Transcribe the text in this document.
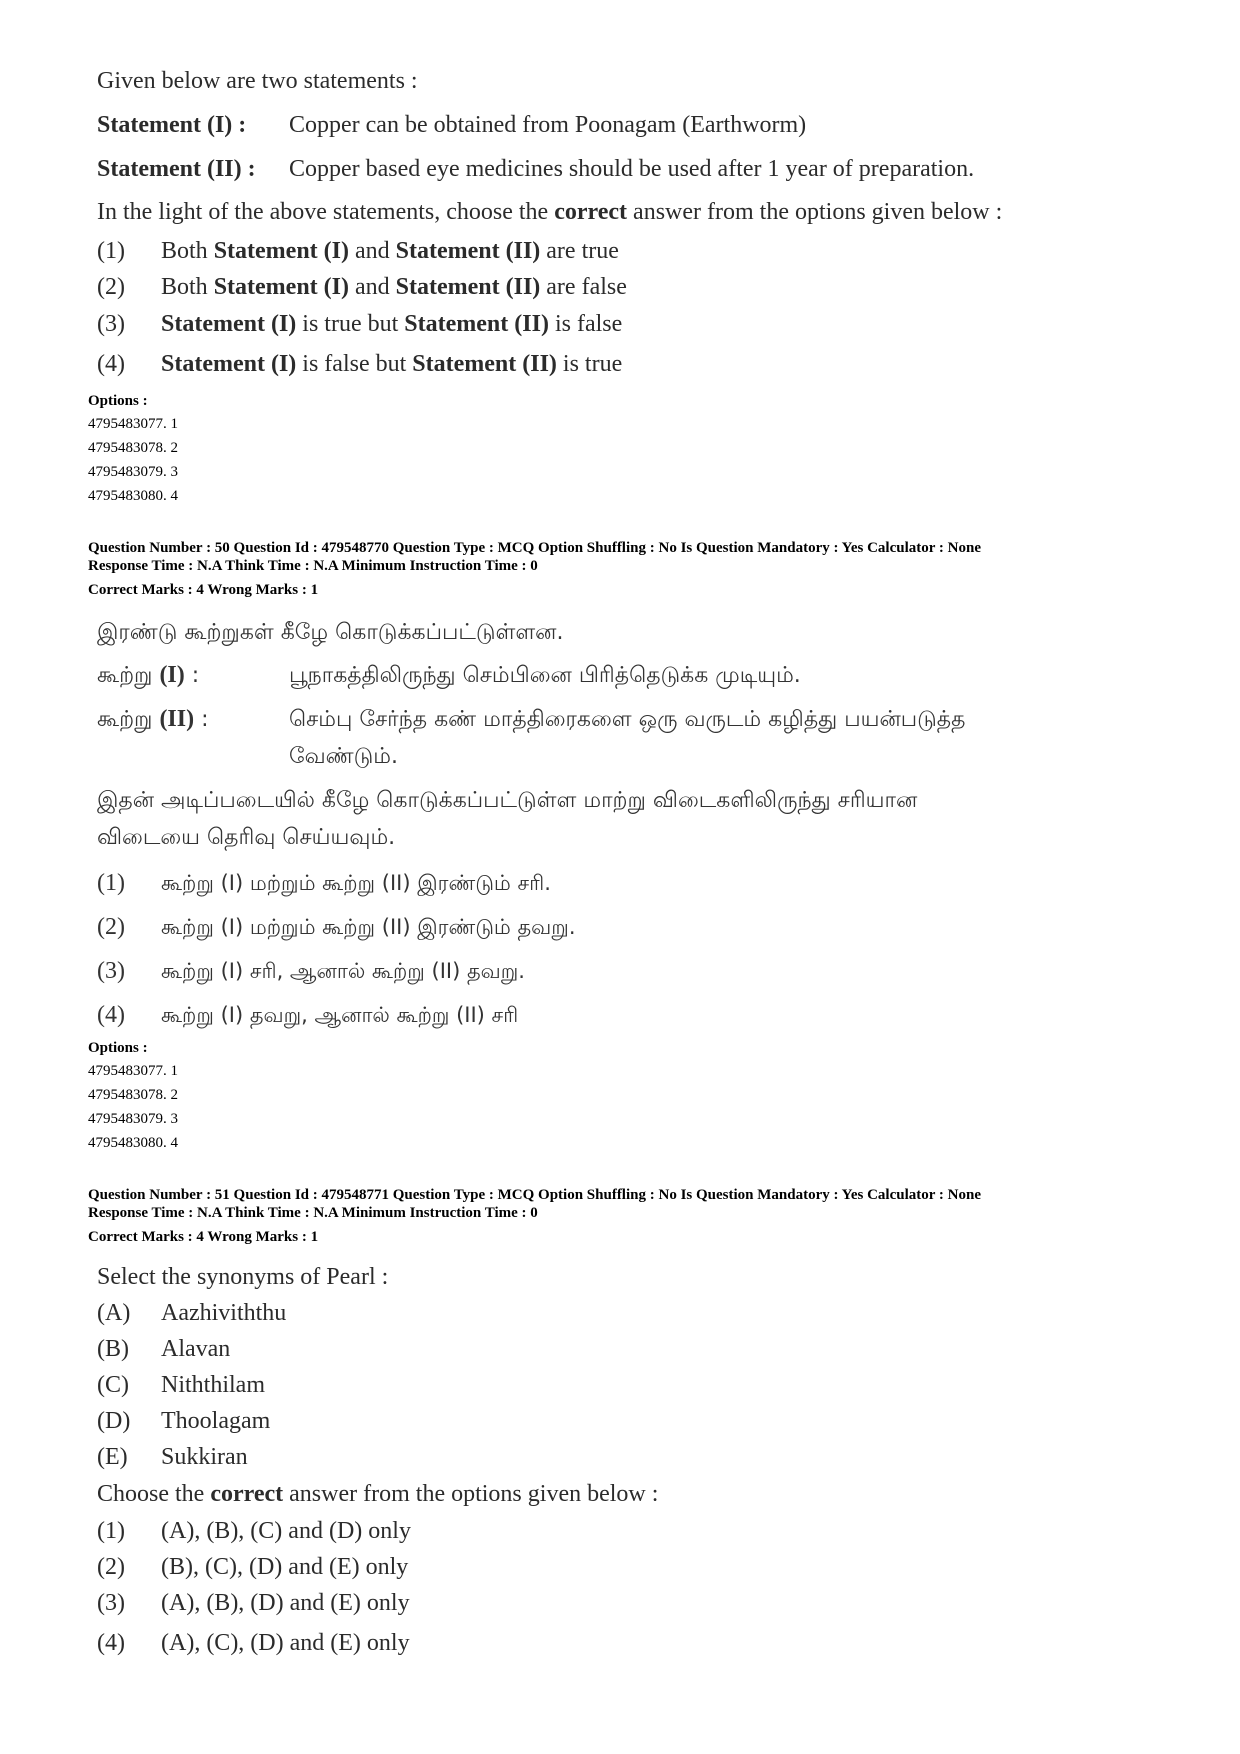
Given below are two statements :
Statement (I) : Copper can be obtained from Poonagam (Earthworm)
Statement (II) : Copper based eye medicines should be used after 1 year of preparation.
In the light of the above statements, choose the correct answer from the options given below :
(1) Both Statement (I) and Statement (II) are true
(2) Both Statement (I) and Statement (II) are false
(3) Statement (I) is true but Statement (II) is false
(4) Statement (I) is false but Statement (II) is true
Options :
4795483077. 1
4795483078. 2
4795483079. 3
4795483080. 4
Question Number : 50 Question Id : 479548770 Question Type : MCQ Option Shuffling : No Is Question Mandatory : Yes Calculator : None
Response Time : N.A Think Time : N.A Minimum Instruction Time : 0
Correct Marks : 4 Wrong Marks : 1
இரண்டு கூற்றுகள் கீழே கொடுக்கப்பட்டுள்ளன.
கூற்று (I) :	பூநாகத்திலிருந்து செம்பினை பிரித்தெடுக்க முடியும்.
கூற்று (II) :	செம்பு சேர்ந்த கண் மாத்திரைகளை ஒரு வருடம் கழித்து பயன்படுத்த
வேண்டும்.
இதன் அடிப்படையில் கீழே கொடுக்கப்பட்டுள்ள மாற்று விடைகளிலிருந்து சரியான
விடையை தெரிவு செய்யவும்.
(1) கூற்று (I) மற்றும் கூற்று (II) இரண்டும் சரி.
(2) கூற்று (I) மற்றும் கூற்று (II) இரண்டும் தவறு.
(3) கூற்று (I) சரி, ஆனால் கூற்று (II) தவறு.
(4) கூற்று (I) தவறு, ஆனால் கூற்று (II) சரி
Options :
4795483077. 1
4795483078. 2
4795483079. 3
4795483080. 4
Question Number : 51 Question Id : 479548771 Question Type : MCQ Option Shuffling : No Is Question Mandatory : Yes Calculator : None
Response Time : N.A Think Time : N.A Minimum Instruction Time : 0
Correct Marks : 4 Wrong Marks : 1
Select the synonyms of Pearl :
(A) Aazhiviththu
(B) Alavan
(C) Niththilam
(D) Thoolagam
(E) Sukkiran
Choose the correct answer from the options given below :
(1) (A), (B), (C) and (D) only
(2) (B), (C), (D) and (E) only
(3) (A), (B), (D) and (E) only
(4) (A), (C), (D) and (E) only
